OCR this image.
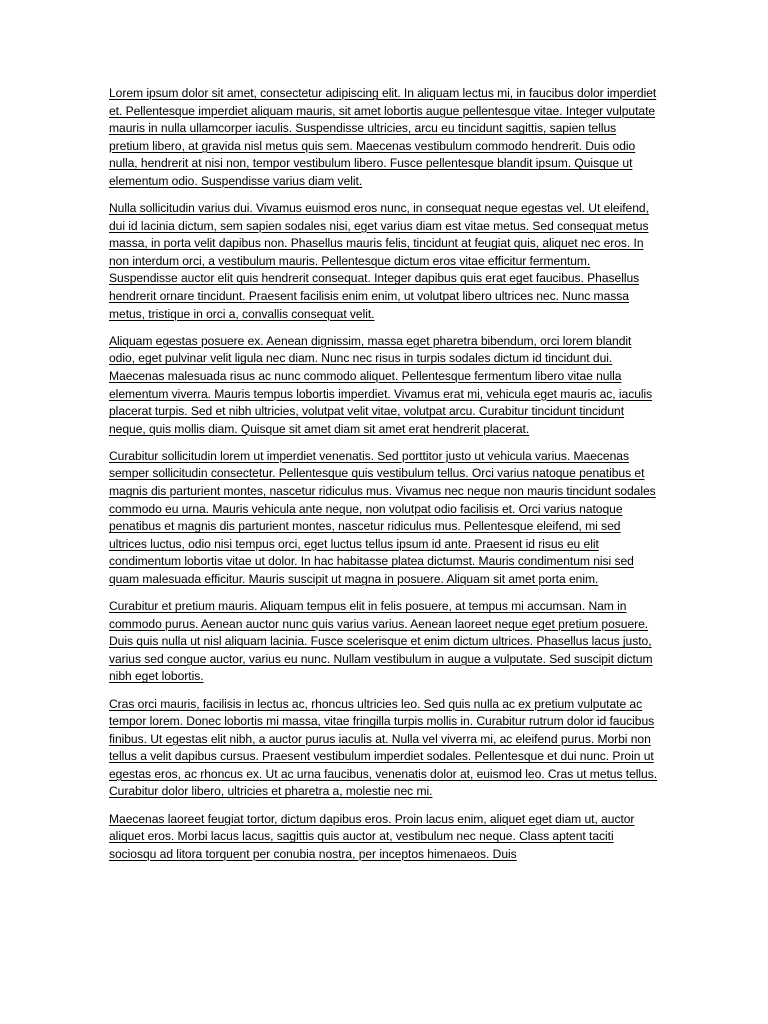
Lorem ipsum dolor sit amet, consectetur adipiscing elit. In aliquam lectus mi, in faucibus dolor imperdiet et. Pellentesque imperdiet aliquam mauris, sit amet lobortis augue pellentesque vitae. Integer vulputate mauris in nulla ullamcorper iaculis. Suspendisse ultricies, arcu eu tincidunt sagittis, sapien tellus pretium libero, at gravida nisl metus quis sem. Maecenas vestibulum commodo hendrerit. Duis odio nulla, hendrerit at nisi non, tempor vestibulum libero. Fusce pellentesque blandit ipsum. Quisque ut elementum odio. Suspendisse varius diam velit.

Nulla sollicitudin varius dui. Vivamus euismod eros nunc, in consequat neque egestas vel. Ut eleifend, dui id lacinia dictum, sem sapien sodales nisi, eget varius diam est vitae metus. Sed consequat metus massa, in porta velit dapibus non. Phasellus mauris felis, tincidunt at feugiat quis, aliquet nec eros. In non interdum orci, a vestibulum mauris. Pellentesque dictum eros vitae efficitur fermentum. Suspendisse auctor elit quis hendrerit consequat. Integer dapibus quis erat eget faucibus. Phasellus hendrerit ornare tincidunt. Praesent facilisis enim enim, ut volutpat libero ultrices nec. Nunc massa metus, tristique in orci a, convallis consequat velit.

Aliquam egestas posuere ex. Aenean dignissim, massa eget pharetra bibendum, orci lorem blandit odio, eget pulvinar velit ligula nec diam. Nunc nec risus in turpis sodales dictum id tincidunt dui. Maecenas malesuada risus ac nunc commodo aliquet. Pellentesque fermentum libero vitae nulla elementum viverra. Mauris tempus lobortis imperdiet. Vivamus erat mi, vehicula eget mauris ac, iaculis placerat turpis. Sed et nibh ultricies, volutpat velit vitae, volutpat arcu. Curabitur tincidunt tincidunt neque, quis mollis diam. Quisque sit amet diam sit amet erat hendrerit placerat.

Curabitur sollicitudin lorem ut imperdiet venenatis. Sed porttitor justo ut vehicula varius. Maecenas semper sollicitudin consectetur. Pellentesque quis vestibulum tellus. Orci varius natoque penatibus et magnis dis parturient montes, nascetur ridiculus mus. Vivamus nec neque non mauris tincidunt sodales commodo eu urna. Mauris vehicula ante neque, non volutpat odio facilisis et. Orci varius natoque penatibus et magnis dis parturient montes, nascetur ridiculus mus. Pellentesque eleifend, mi sed ultrices luctus, odio nisi tempus orci, eget luctus tellus ipsum id ante. Praesent id risus eu elit condimentum lobortis vitae ut dolor. In hac habitasse platea dictumst. Mauris condimentum nisi sed quam malesuada efficitur. Mauris suscipit ut magna in posuere. Aliquam sit amet porta enim.

Curabitur et pretium mauris. Aliquam tempus elit in felis posuere, at tempus mi accumsan. Nam in commodo purus. Aenean auctor nunc quis varius varius. Aenean laoreet neque eget pretium posuere. Duis quis nulla ut nisl aliquam lacinia. Fusce scelerisque et enim dictum ultrices. Phasellus lacus justo, varius sed congue auctor, varius eu nunc. Nullam vestibulum in augue a vulputate. Sed suscipit dictum nibh eget lobortis.

Cras orci mauris, facilisis in lectus ac, rhoncus ultricies leo. Sed quis nulla ac ex pretium vulputate ac tempor lorem. Donec lobortis mi massa, vitae fringilla turpis mollis in. Curabitur rutrum dolor id faucibus finibus. Ut egestas elit nibh, a auctor purus iaculis at. Nulla vel viverra mi, ac eleifend purus. Morbi non tellus a velit dapibus cursus. Praesent vestibulum imperdiet sodales. Pellentesque et dui nunc. Proin ut egestas eros, ac rhoncus ex. Ut ac urna faucibus, venenatis dolor at, euismod leo. Cras ut metus tellus. Curabitur dolor libero, ultricies et pharetra a, molestie nec mi.

Maecenas laoreet feugiat tortor, dictum dapibus eros. Proin lacus enim, aliquet eget diam ut, auctor aliquet eros. Morbi lacus lacus, sagittis quis auctor at, vestibulum nec neque. Class aptent taciti sociosqu ad litora torquent per conubia nostra, per inceptos himenaeos. Duis
